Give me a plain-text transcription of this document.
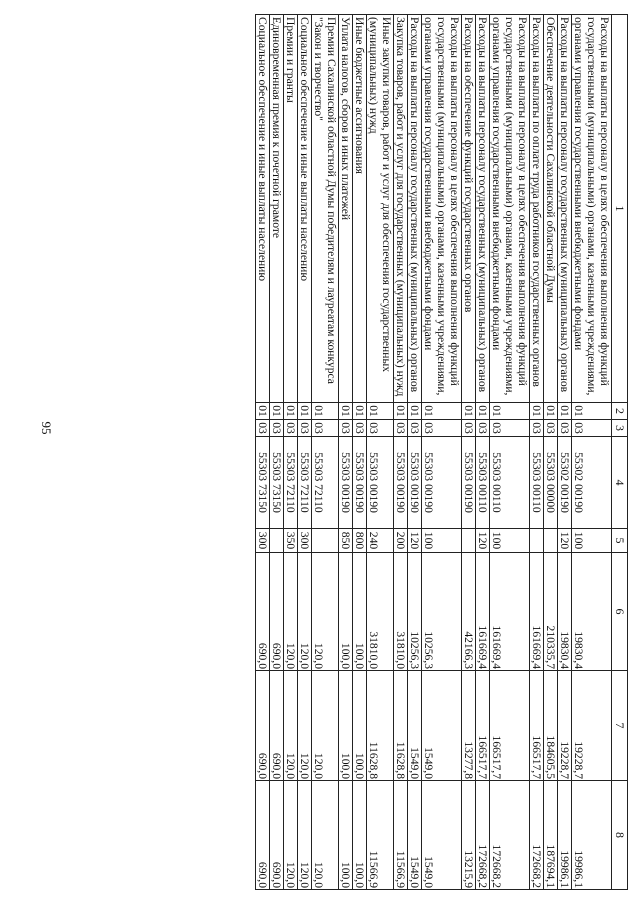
95
1	2	3	4	5	6	7	8
Расходы на выплаты персоналу в целях обеспечения выполнения функций государственными (муниципальными) органами, казенными учреждениями, органами управления государственными внебюджетными фондами	01	03	55302 00190	100	19830,4	19228,7	19986,1
Расходы на выплаты персоналу государственных (муниципальных) органов	01	03	55302 00190	120	19830,4	19228,7	19986,1
Обеспечение деятельности Сахалинской областной Думы	01	03	55303 00000		210335,7	184605,5	187694,1
Расходы на выплаты по оплате труда работников государственных органов	01	03	55303 00110		161669,4	166517,7	172668,2
Расходы на выплаты персоналу в целях обеспечения выполнения функций государственными (муниципальными) органами, казенными учреждениями, органами управления государственными внебюджетными фондами	01	03	55303 00110	100	161669,4	166517,7	172668,2
Расходы на выплаты персоналу государственных (муниципальных) органов	01	03	55303 00110	120	161669,4	166517,7	172668,2
Расходы на обеспечение функций государственных органов	01	03	55303 00190		42166,3	13277,8	13215,9
Расходы на выплаты персоналу в целях обеспечения выполнения функций государственными (муниципальными) органами, казенными учреждениями, органами управления государственными внебюджетными фондами	01	03	55303 00190	100	10256,3	1549,0	1549,0
Расходы на выплаты персоналу государственных (муниципальных) органов	01	03	55303 00190	120	10256,3	1549,0	1549,0
Закупка товаров, работ и услуг для государственных (муниципальных) нужд	01	03	55303 00190	200	31810,0	11628,8	11566,9
Иные закупки товаров, работ и услуг для обеспечения государственных (муниципальных) нужд	01	03	55303 00190	240	31810,0	11628,8	11566,9
Иные бюджетные ассигнования	01	03	55303 00190	800	100,0	100,0	100,0
Уплата налогов, сборов и иных платежей	01	03	55303 00190	850	100,0	100,0	100,0
Премии Сахалинской областной Думы победителям и лауреатам конкурса "Закон и творчество"	01	03	55303 72110		120,0	120,0	120,0
Социальное обеспечение и иные выплаты населению	01	03	55303 72110	300	120,0	120,0	120,0
Премии и гранты	01	03	55303 72110	350	120,0	120,0	120,0
Единовременная премия к почетной грамоте	01	03	55303 73150		690,0	690,0	690,0
Социальное обеспечение и иные выплаты населению	01	03	55303 73150	300	690,0	690,0	690,0
